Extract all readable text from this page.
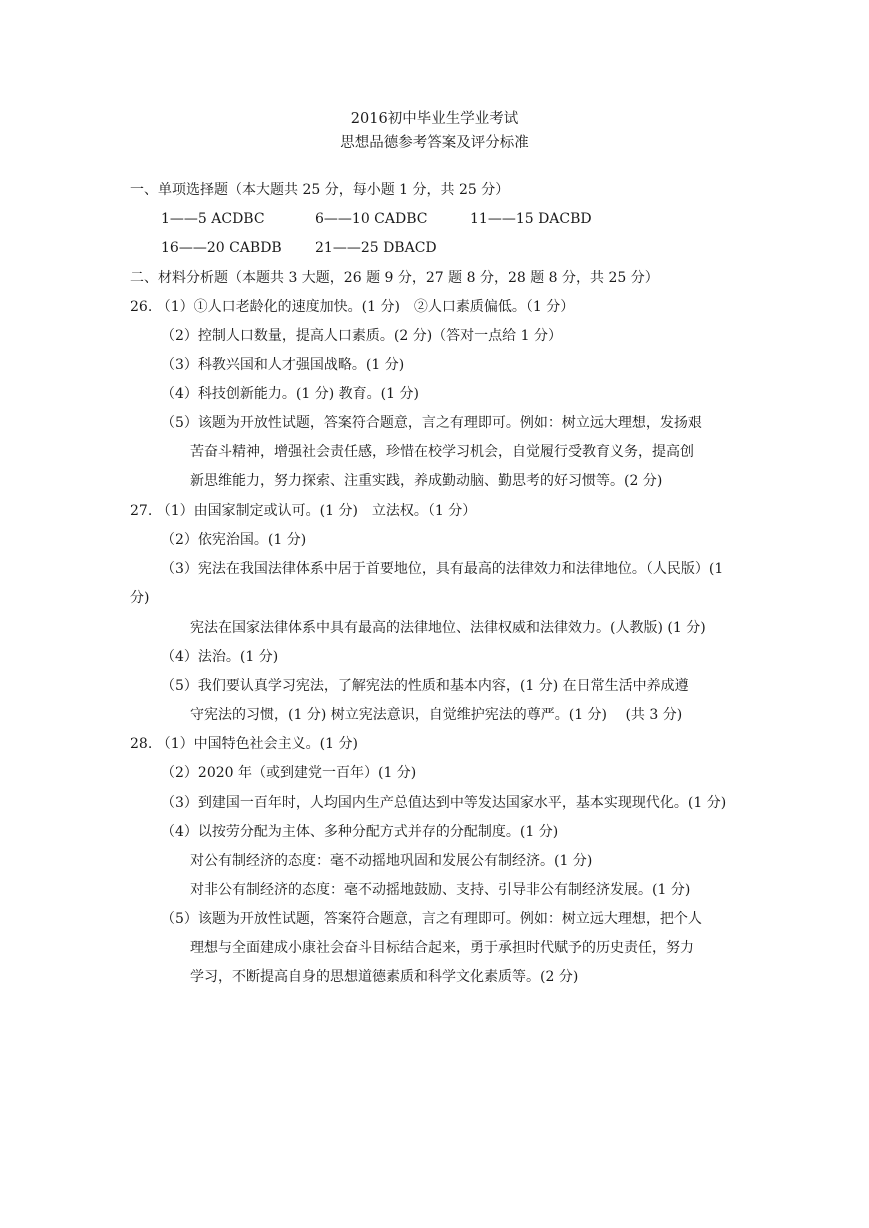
2016初中毕业生学业考试
思想品德参考答案及评分标准
一、单项选择题（本大题共 25 分，每小题 1 分，共 25 分）
1——5 ACDBC	6——10 CADBC	11——15 DACBD
16——20 CABDB 21——25 DBACD
二、材料分析题（本题共 3 大题，26 题 9 分，27 题 8 分，28 题 8 分，共 25 分）
26. （1）①人口老龄化的速度加快。(1 分)　②人口素质偏低。（1 分）
（2）控制人口数量，提高人口素质。(2 分)（答对一点给 1 分）
（3）科教兴国和人才强国战略。(1 分)
（4）科技创新能力。(1 分) 教育。(1 分)
（5）该题为开放性试题，答案符合题意，言之有理即可。例如：树立远大理想，发扬艰
苦奋斗精神，增强社会责任感，珍惜在校学习机会，自觉履行受教育义务，提高创
新思维能力，努力探索、注重实践，养成勤动脑、勤思考的好习惯等。(2 分)
27. （1）由国家制定或认可。(1 分)　立法权。（1 分）
（2）依宪治国。(1 分)
（3）宪法在我国法律体系中居于首要地位，具有最高的法律效力和法律地位。（人民版）(1
分)
宪法在国家法律体系中具有最高的法律地位、法律权威和法律效力。(人教版) (1 分)
（4）法治。(1 分)
（5）我们要认真学习宪法，了解宪法的性质和基本内容，(1 分) 在日常生活中养成遵
守宪法的习惯，(1 分) 树立宪法意识，自觉维护宪法的尊严。(1 分)　 (共 3 分)
28. （1）中国特色社会主义。(1 分)
（2）2020 年（或到建党一百年）(1 分)
（3）到建国一百年时，人均国内生产总值达到中等发达国家水平，基本实现现代化。(1 分)
（4）以按劳分配为主体、多种分配方式并存的分配制度。(1 分)
对公有制经济的态度：毫不动摇地巩固和发展公有制经济。(1 分)
对非公有制经济的态度：毫不动摇地鼓励、支持、引导非公有制经济发展。(1 分)
（5）该题为开放性试题，答案符合题意，言之有理即可。例如：树立远大理想，把个人
理想与全面建成小康社会奋斗目标结合起来，勇于承担时代赋予的历史责任，努力
学习，不断提高自身的思想道德素质和科学文化素质等。(2 分)
